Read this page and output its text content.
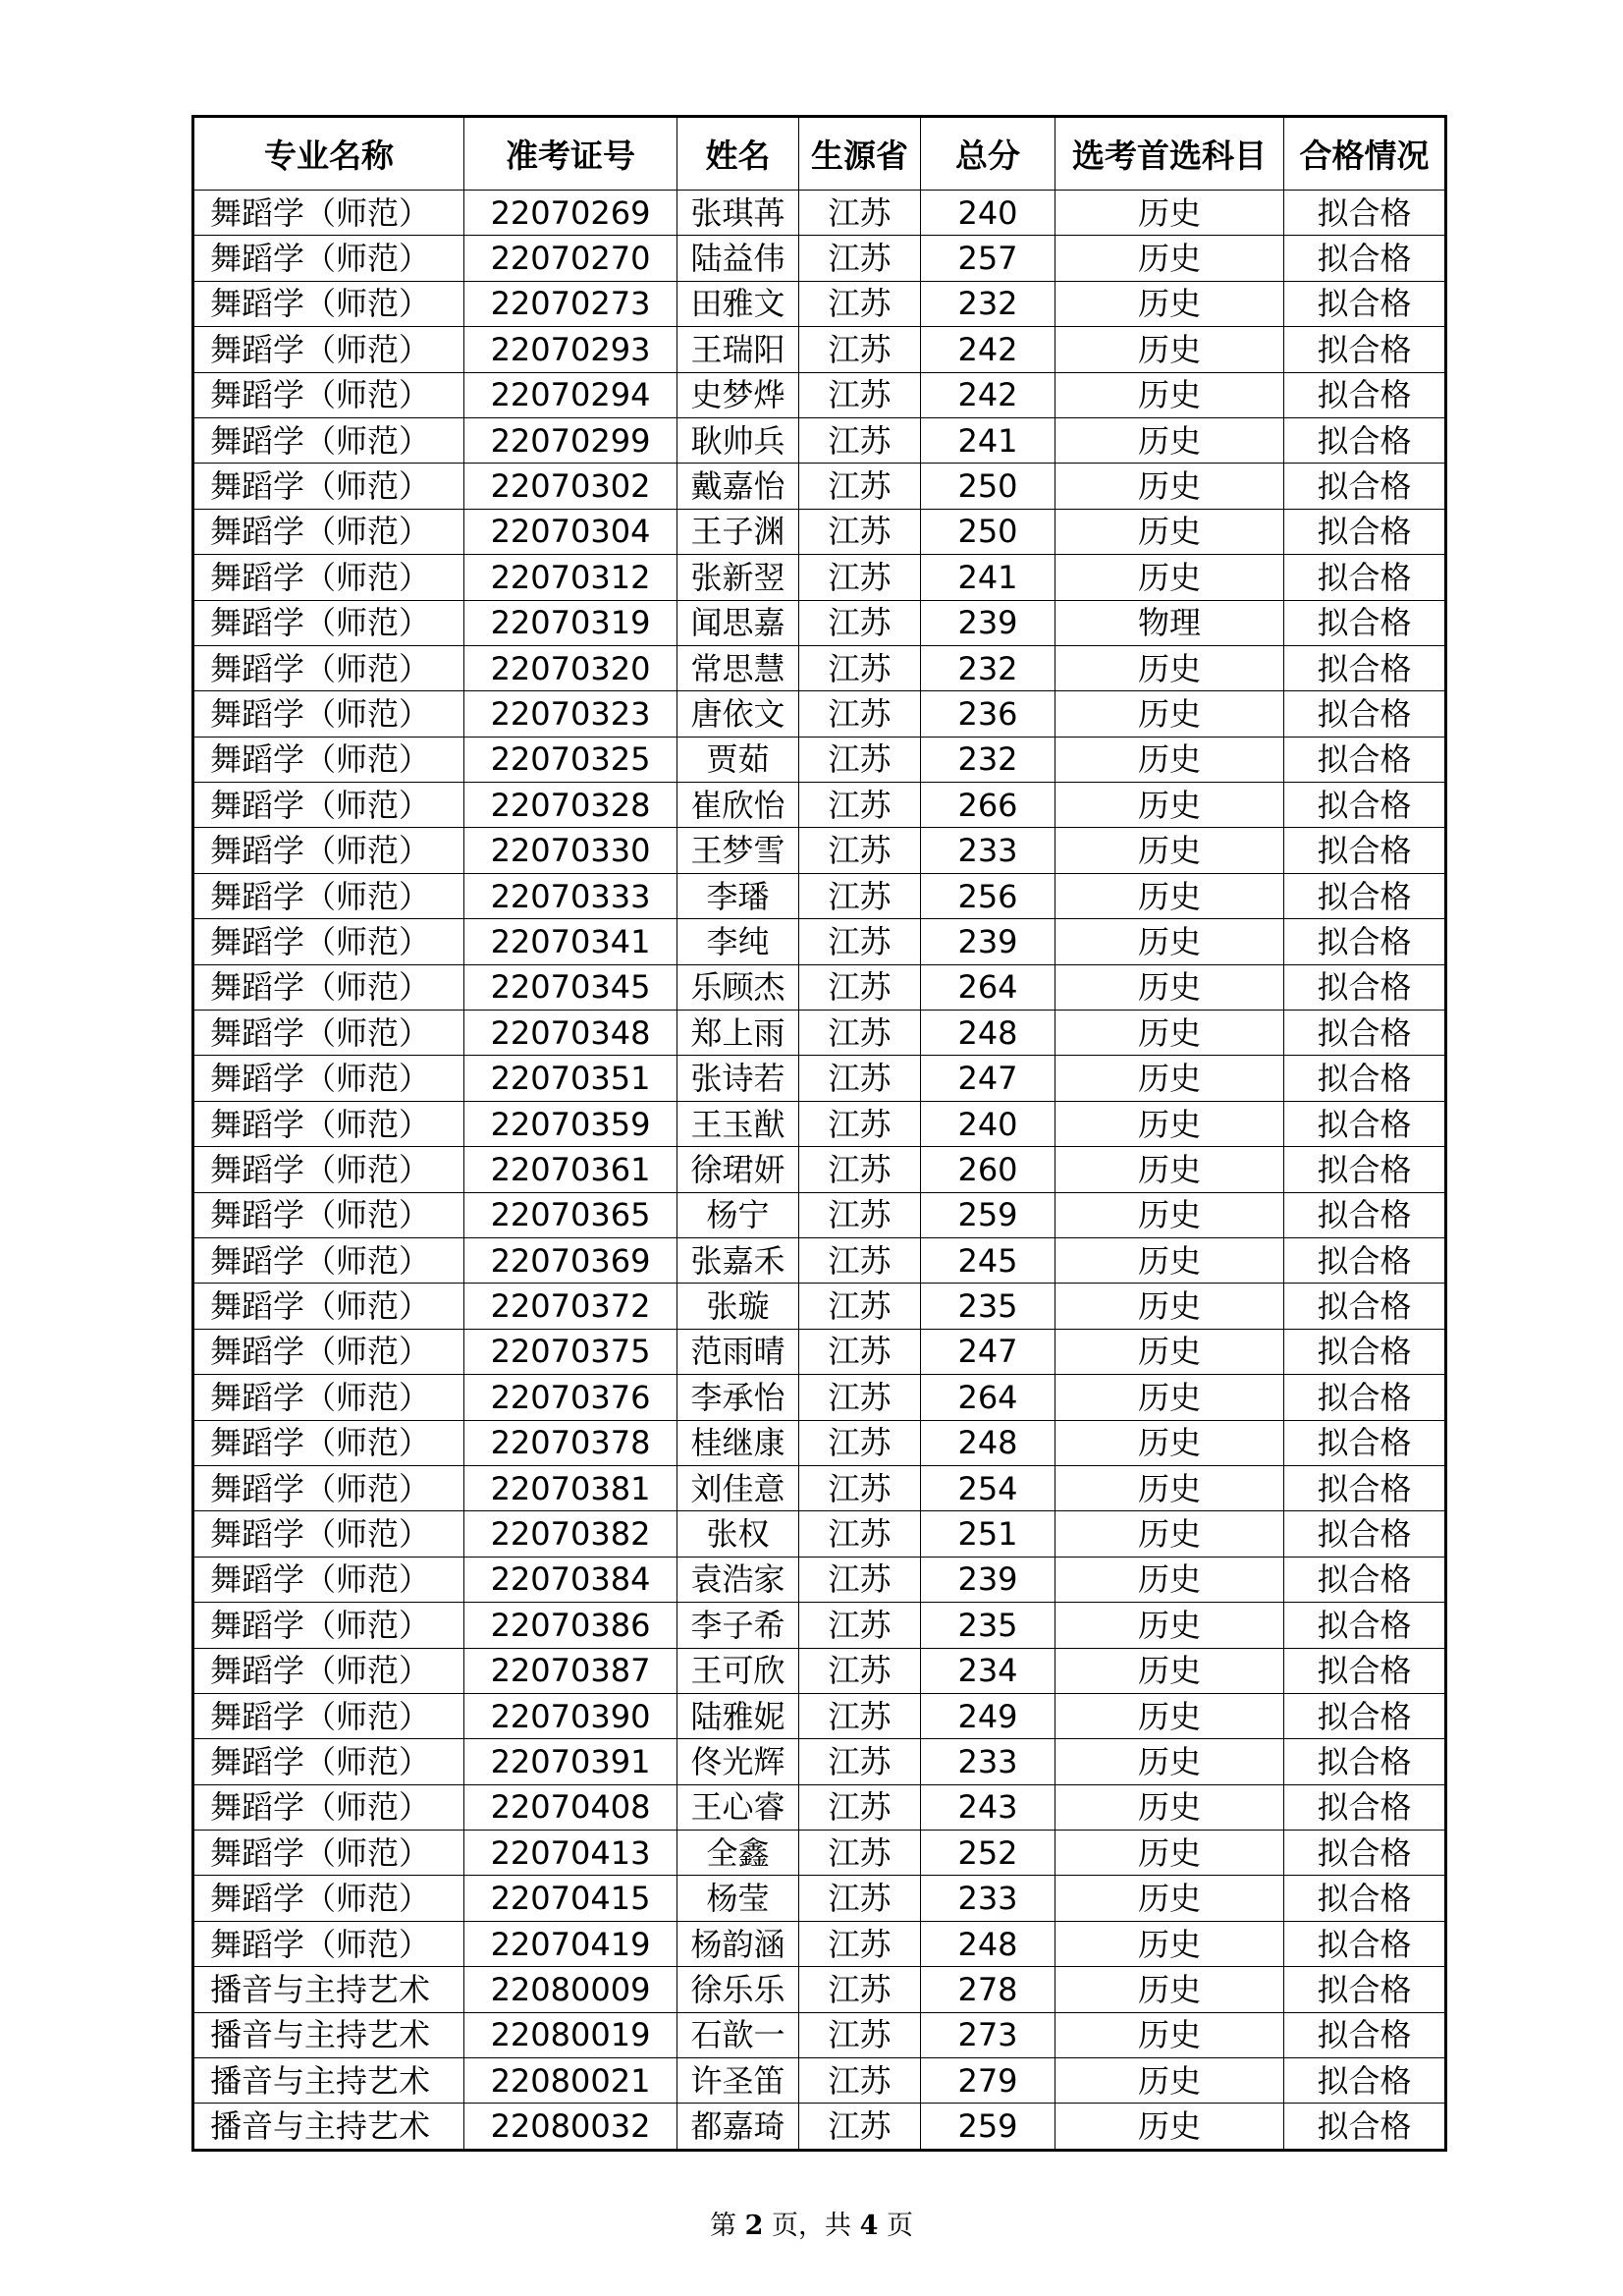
专业名称	准考证号	姓名	生源省	总分	选考首选科目	合格情况
舞蹈学（师范）	22070269	张琪苒	江苏	240	历史	拟合格
舞蹈学（师范）	22070270	陆益伟	江苏	257	历史	拟合格
舞蹈学（师范）	22070273	田雅文	江苏	232	历史	拟合格
舞蹈学（师范）	22070293	王瑞阳	江苏	242	历史	拟合格
舞蹈学（师范）	22070294	史梦烨	江苏	242	历史	拟合格
舞蹈学（师范）	22070299	耿帅兵	江苏	241	历史	拟合格
舞蹈学（师范）	22070302	戴嘉怡	江苏	250	历史	拟合格
舞蹈学（师范）	22070304	王子渊	江苏	250	历史	拟合格
舞蹈学（师范）	22070312	张新翌	江苏	241	历史	拟合格
舞蹈学（师范）	22070319	闻思嘉	江苏	239	物理	拟合格
舞蹈学（师范）	22070320	常思慧	江苏	232	历史	拟合格
舞蹈学（师范）	22070323	唐依文	江苏	236	历史	拟合格
舞蹈学（师范）	22070325	贾茹	江苏	232	历史	拟合格
舞蹈学（师范）	22070328	崔欣怡	江苏	266	历史	拟合格
舞蹈学（师范）	22070330	王梦雪	江苏	233	历史	拟合格
舞蹈学（师范）	22070333	李璠	江苏	256	历史	拟合格
舞蹈学（师范）	22070341	李纯	江苏	239	历史	拟合格
舞蹈学（师范）	22070345	乐顾杰	江苏	264	历史	拟合格
舞蹈学（师范）	22070348	郑上雨	江苏	248	历史	拟合格
舞蹈学（师范）	22070351	张诗若	江苏	247	历史	拟合格
舞蹈学（师范）	22070359	王玉猷	江苏	240	历史	拟合格
舞蹈学（师范）	22070361	徐珺妍	江苏	260	历史	拟合格
舞蹈学（师范）	22070365	杨宁	江苏	259	历史	拟合格
舞蹈学（师范）	22070369	张嘉禾	江苏	245	历史	拟合格
舞蹈学（师范）	22070372	张璇	江苏	235	历史	拟合格
舞蹈学（师范）	22070375	范雨晴	江苏	247	历史	拟合格
舞蹈学（师范）	22070376	李承怡	江苏	264	历史	拟合格
舞蹈学（师范）	22070378	桂继康	江苏	248	历史	拟合格
舞蹈学（师范）	22070381	刘佳意	江苏	254	历史	拟合格
舞蹈学（师范）	22070382	张权	江苏	251	历史	拟合格
舞蹈学（师范）	22070384	袁浩家	江苏	239	历史	拟合格
舞蹈学（师范）	22070386	李子希	江苏	235	历史	拟合格
舞蹈学（师范）	22070387	王可欣	江苏	234	历史	拟合格
舞蹈学（师范）	22070390	陆雅妮	江苏	249	历史	拟合格
舞蹈学（师范）	22070391	佟光辉	江苏	233	历史	拟合格
舞蹈学（师范）	22070408	王心睿	江苏	243	历史	拟合格
舞蹈学（师范）	22070413	全鑫	江苏	252	历史	拟合格
舞蹈学（师范）	22070415	杨莹	江苏	233	历史	拟合格
舞蹈学（师范）	22070419	杨韵涵	江苏	248	历史	拟合格
播音与主持艺术	22080009	徐乐乐	江苏	278	历史	拟合格
播音与主持艺术	22080019	石歆一	江苏	273	历史	拟合格
播音与主持艺术	22080021	许圣笛	江苏	279	历史	拟合格
播音与主持艺术	22080032	都嘉琦	江苏	259	历史	拟合格
第 2 页，共 4 页
